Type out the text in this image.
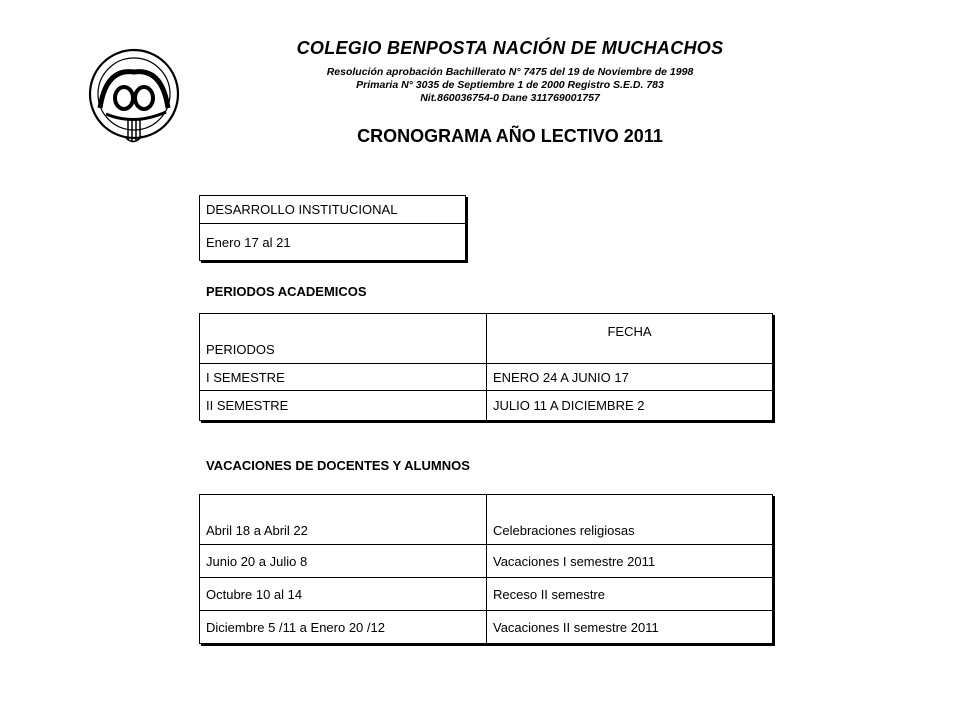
COLEGIO BENPOSTA NACIÓN DE MUCHACHOS
Resolución aprobación Bachillerato N° 7475 del 19 de Noviembre de 1998
Primaria N° 3035 de Septiembre 1 de 2000 Registro S.E.D. 783
Nit.860036754-0 Dane 311769001757
CRONOGRAMA AÑO LECTIVO 2011
DESARROLLO INSTITUCIONAL
Enero 17 al 21
PERIODOS ACADEMICOS
PERIODOS	FECHA
I SEMESTRE	ENERO 24 A JUNIO 17
II SEMESTRE	JULIO 11 A DICIEMBRE 2
VACACIONES DE DOCENTES Y ALUMNOS
Abril 18 a Abril 22	Celebraciones religiosas
Junio 20 a Julio 8	Vacaciones I semestre 2011
Octubre 10 al 14	Receso II semestre
Diciembre 5 /11 a Enero 20 /12	Vacaciones II semestre 2011
